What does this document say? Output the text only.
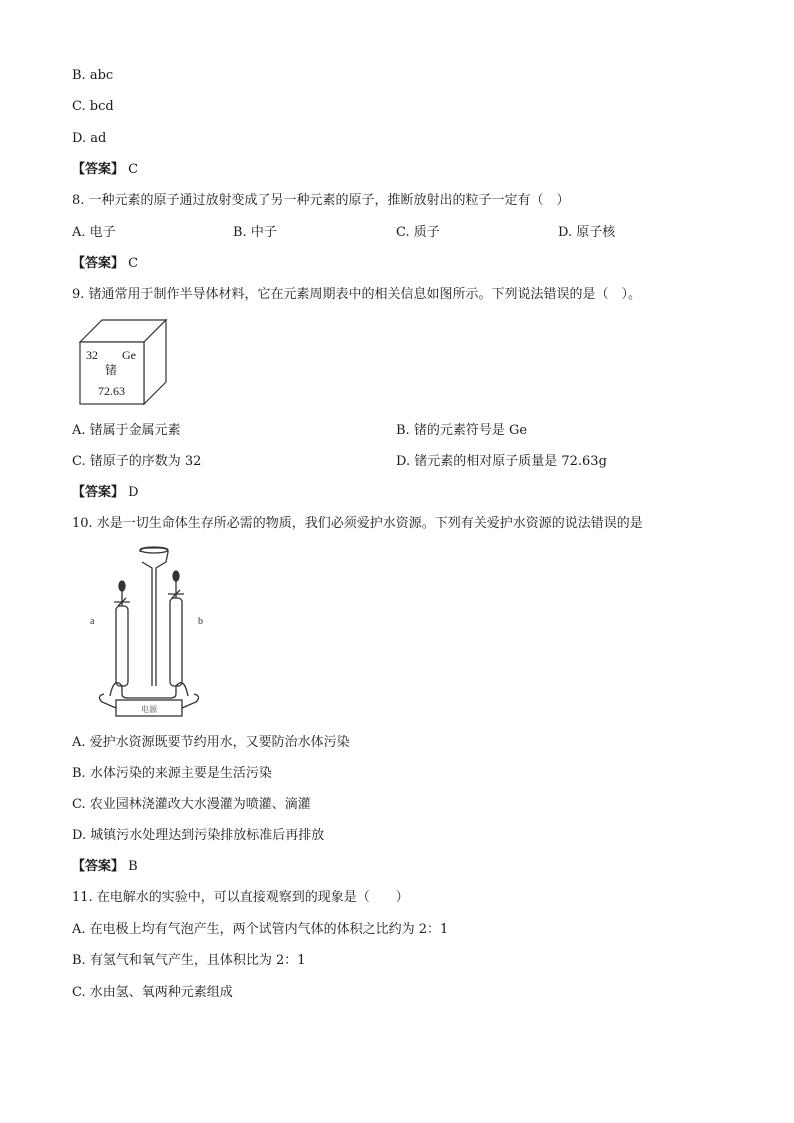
B. abc
C. bcd
D. ad
【答案】 C
8. 一种元素的原子通过放射变成了另一种元素的原子，推断放射出的粒子一定有（　）
A. 电子	B. 中子	C. 质子	D. 原子核
【答案】 C
9. 锗通常用于制作半导体材料，它在元素周期表中的相关信息如图所示。下列说法错误的是（　）。
32 Ge
锗
72.63
A. 锗属于金属元素	B. 锗的元素符号是 Ge
C. 锗原子的序数为 32	D. 锗元素的相对原子质量是 72.63g
【答案】 D
10. 水是一切生命体生存所必需的物质，我们必须爱护水资源。下列有关爱护水资源的说法错误的是
a	b
电源
A. 爱护水资源既要节约用水，又要防治水体污染
B. 水体污染的来源主要是生活污染
C. 农业园林浇灌改大水漫灌为喷灌、滴灌
D. 城镇污水处理达到污染排放标准后再排放
【答案】 B
11. 在电解水的实验中，可以直接观察到的现象是（　　）
A. 在电极上均有气泡产生，两个试管内气体的体积之比约为 2：1
B. 有氢气和氧气产生，且体积比为 2：1
C. 水由氢、氧两种元素组成
